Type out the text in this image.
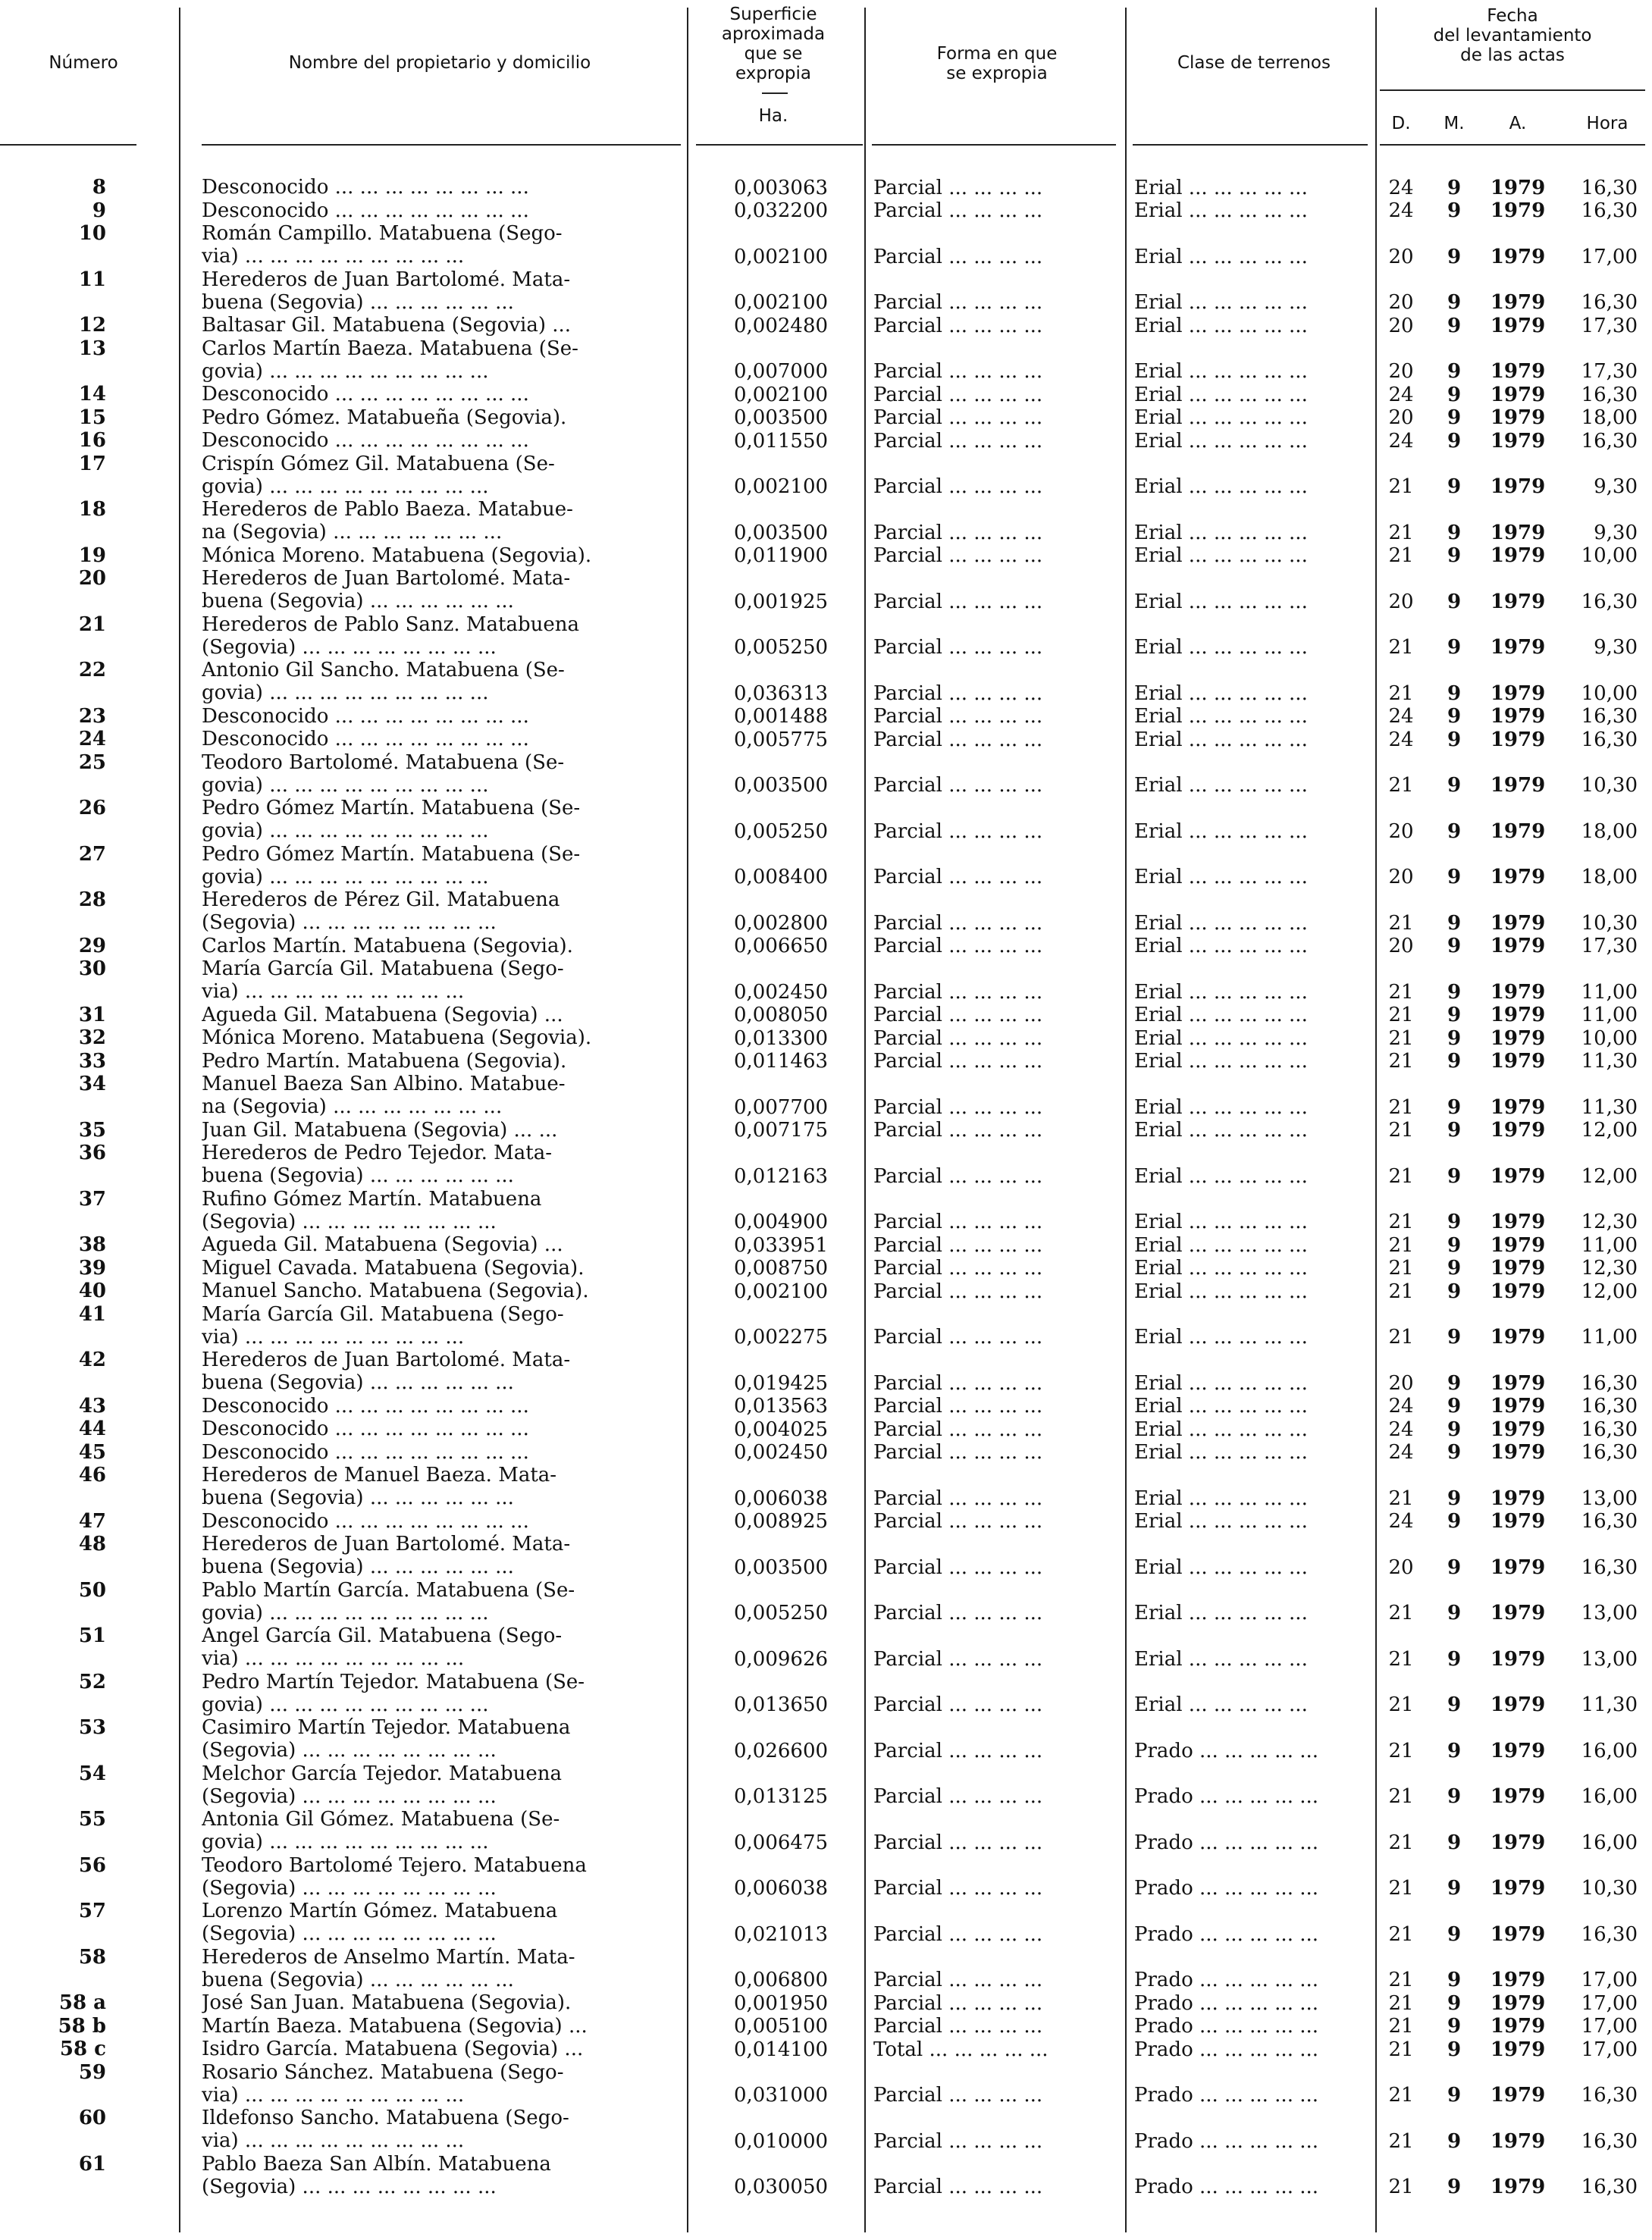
Número	Nombre del propietario y domicilio
Superficie
aproximada
que se
expropia
Ha.
Forma en que
se expropia
Clase de terrenos
Fecha
del levantamiento
de las actas
D.	M.	A.	Hora
8	Desconocido ... ... ... ... ... ... ... ...	0,003063	Parcial ... ... ... ...	Erial ... ... ... ... ...	24	9	1979	16,30
9	Desconocido ... ... ... ... ... ... ... ...	0,032200	Parcial ... ... ... ...	Erial ... ... ... ... ...	24	9	1979	16,30
10	Román Campillo. Matabuena (Sego-
via) ... ... ... ... ... ... ... ... ...	0,002100	Parcial ... ... ... ...	Erial ... ... ... ... ...	20	9	1979	17,00
11	Herederos de Juan Bartolomé. Mata-
buena (Segovia) ... ... ... ... ... ...	0,002100	Parcial ... ... ... ...	Erial ... ... ... ... ...	20	9	1979	16,30
12	Baltasar Gil. Matabuena (Segovia) ...	0,002480	Parcial ... ... ... ...	Erial ... ... ... ... ...	20	9	1979	17,30
13	Carlos Martín Baeza. Matabuena (Se-
govia) ... ... ... ... ... ... ... ... ...	0,007000	Parcial ... ... ... ...	Erial ... ... ... ... ...	20	9	1979	17,30
14	Desconocido ... ... ... ... ... ... ... ...	0,002100	Parcial ... ... ... ...	Erial ... ... ... ... ...	24	9	1979	16,30
15	Pedro Gómez. Matabueña (Segovia).	0,003500	Parcial ... ... ... ...	Erial ... ... ... ... ...	20	9	1979	18,00
16	Desconocido ... ... ... ... ... ... ... ...	0,011550	Parcial ... ... ... ...	Erial ... ... ... ... ...	24	9	1979	16,30
17	Crispín Gómez Gil. Matabuena (Se-
govia) ... ... ... ... ... ... ... ... ...	0,002100	Parcial ... ... ... ...	Erial ... ... ... ... ...	21	9	1979	9,30
18	Herederos de Pablo Baeza. Matabue-
na (Segovia) ... ... ... ... ... ... ...	0,003500	Parcial ... ... ... ...	Erial ... ... ... ... ...	21	9	1979	9,30
19	Mónica Moreno. Matabuena (Segovia).	0,011900	Parcial ... ... ... ...	Erial ... ... ... ... ...	21	9	1979	10,00
20	Herederos de Juan Bartolomé. Mata-
buena (Segovia) ... ... ... ... ... ...	0,001925	Parcial ... ... ... ...	Erial ... ... ... ... ...	20	9	1979	16,30
21	Herederos de Pablo Sanz. Matabuena
(Segovia) ... ... ... ... ... ... ... ...	0,005250	Parcial ... ... ... ...	Erial ... ... ... ... ...	21	9	1979	9,30
22	Antonio Gil Sancho. Matabuena (Se-
govia) ... ... ... ... ... ... ... ... ...	0,036313	Parcial ... ... ... ...	Erial ... ... ... ... ...	21	9	1979	10,00
23	Desconocido ... ... ... ... ... ... ... ...	0,001488	Parcial ... ... ... ...	Erial ... ... ... ... ...	24	9	1979	16,30
24	Desconocido ... ... ... ... ... ... ... ...	0,005775	Parcial ... ... ... ...	Erial ... ... ... ... ...	24	9	1979	16,30
25	Teodoro Bartolomé. Matabuena (Se-
govia) ... ... ... ... ... ... ... ... ...	0,003500	Parcial ... ... ... ...	Erial ... ... ... ... ...	21	9	1979	10,30
26	Pedro Gómez Martín. Matabuena (Se-
govia) ... ... ... ... ... ... ... ... ...	0,005250	Parcial ... ... ... ...	Erial ... ... ... ... ...	20	9	1979	18,00
27	Pedro Gómez Martín. Matabuena (Se-
govia) ... ... ... ... ... ... ... ... ...	0,008400	Parcial ... ... ... ...	Erial ... ... ... ... ...	20	9	1979	18,00
28	Herederos de Pérez Gil. Matabuena
(Segovia) ... ... ... ... ... ... ... ...	0,002800	Parcial ... ... ... ...	Erial ... ... ... ... ...	21	9	1979	10,30
29	Carlos Martín. Matabuena (Segovia).	0,006650	Parcial ... ... ... ...	Erial ... ... ... ... ...	20	9	1979	17,30
30	María García Gil. Matabuena (Sego-
via) ... ... ... ... ... ... ... ... ...	0,002450	Parcial ... ... ... ...	Erial ... ... ... ... ...	21	9	1979	11,00
31	Agueda Gil. Matabuena (Segovia) ...	0,008050	Parcial ... ... ... ...	Erial ... ... ... ... ...	21	9	1979	11,00
32	Mónica Moreno. Matabuena (Segovia).	0,013300	Parcial ... ... ... ...	Erial ... ... ... ... ...	21	9	1979	10,00
33	Pedro Martín. Matabuena (Segovia).	0,011463	Parcial ... ... ... ...	Erial ... ... ... ... ...	21	9	1979	11,30
34	Manuel Baeza San Albino. Matabue-
na (Segovia) ... ... ... ... ... ... ...	0,007700	Parcial ... ... ... ...	Erial ... ... ... ... ...	21	9	1979	11,30
35	Juan Gil. Matabuena (Segovia) ... ...	0,007175	Parcial ... ... ... ...	Erial ... ... ... ... ...	21	9	1979	12,00
36	Herederos de Pedro Tejedor. Mata-
buena (Segovia) ... ... ... ... ... ...	0,012163	Parcial ... ... ... ...	Erial ... ... ... ... ...	21	9	1979	12,00
37	Rufino Gómez Martín. Matabuena
(Segovia) ... ... ... ... ... ... ... ...	0,004900	Parcial ... ... ... ...	Erial ... ... ... ... ...	21	9	1979	12,30
38	Agueda Gil. Matabuena (Segovia) ...	0,033951	Parcial ... ... ... ...	Erial ... ... ... ... ...	21	9	1979	11,00
39	Miguel Cavada. Matabuena (Segovia).	0,008750	Parcial ... ... ... ...	Erial ... ... ... ... ...	21	9	1979	12,30
40	Manuel Sancho. Matabuena (Segovia).	0,002100	Parcial ... ... ... ...	Erial ... ... ... ... ...	21	9	1979	12,00
41	María García Gil. Matabuena (Sego-
via) ... ... ... ... ... ... ... ... ...	0,002275	Parcial ... ... ... ...	Erial ... ... ... ... ...	21	9	1979	11,00
42	Herederos de Juan Bartolomé. Mata-
buena (Segovia) ... ... ... ... ... ...	0,019425	Parcial ... ... ... ...	Erial ... ... ... ... ...	20	9	1979	16,30
43	Desconocido ... ... ... ... ... ... ... ...	0,013563	Parcial ... ... ... ...	Erial ... ... ... ... ...	24	9	1979	16,30
44	Desconocido ... ... ... ... ... ... ... ...	0,004025	Parcial ... ... ... ...	Erial ... ... ... ... ...	24	9	1979	16,30
45	Desconocido ... ... ... ... ... ... ... ...	0,002450	Parcial ... ... ... ...	Erial ... ... ... ... ...	24	9	1979	16,30
46	Herederos de Manuel Baeza. Mata-
buena (Segovia) ... ... ... ... ... ...	0,006038	Parcial ... ... ... ...	Erial ... ... ... ... ...	21	9	1979	13,00
47	Desconocido ... ... ... ... ... ... ... ...	0,008925	Parcial ... ... ... ...	Erial ... ... ... ... ...	24	9	1979	16,30
48	Herederos de Juan Bartolomé. Mata-
buena (Segovia) ... ... ... ... ... ...	0,003500	Parcial ... ... ... ...	Erial ... ... ... ... ...	20	9	1979	16,30
50	Pablo Martín García. Matabuena (Se-
govia) ... ... ... ... ... ... ... ... ...	0,005250	Parcial ... ... ... ...	Erial ... ... ... ... ...	21	9	1979	13,00
51	Angel García Gil. Matabuena (Sego-
via) ... ... ... ... ... ... ... ... ...	0,009626	Parcial ... ... ... ...	Erial ... ... ... ... ...	21	9	1979	13,00
52	Pedro Martín Tejedor. Matabuena (Se-
govia) ... ... ... ... ... ... ... ... ...	0,013650	Parcial ... ... ... ...	Erial ... ... ... ... ...	21	9	1979	11,30
53	Casimiro Martín Tejedor. Matabuena
(Segovia) ... ... ... ... ... ... ... ...	0,026600	Parcial ... ... ... ...	Prado ... ... ... ... ...	21	9	1979	16,00
54	Melchor García Tejedor. Matabuena
(Segovia) ... ... ... ... ... ... ... ...	0,013125	Parcial ... ... ... ...	Prado ... ... ... ... ...	21	9	1979	16,00
55	Antonia Gil Gómez. Matabuena (Se-
govia) ... ... ... ... ... ... ... ... ...	0,006475	Parcial ... ... ... ...	Prado ... ... ... ... ...	21	9	1979	16,00
56	Teodoro Bartolomé Tejero. Matabuena
(Segovia) ... ... ... ... ... ... ... ...	0,006038	Parcial ... ... ... ...	Prado ... ... ... ... ...	21	9	1979	10,30
57	Lorenzo Martín Gómez. Matabuena
(Segovia) ... ... ... ... ... ... ... ...	0,021013	Parcial ... ... ... ...	Prado ... ... ... ... ...	21	9	1979	16,30
58	Herederos de Anselmo Martín. Mata-
buena (Segovia) ... ... ... ... ... ...	0,006800	Parcial ... ... ... ...	Prado ... ... ... ... ...	21	9	1979	17,00
58 a	José San Juan. Matabuena (Segovia).	0,001950	Parcial ... ... ... ...	Prado ... ... ... ... ...	21	9	1979	17,00
58 b	Martín Baeza. Matabuena (Segovia) ...	0,005100	Parcial ... ... ... ...	Prado ... ... ... ... ...	21	9	1979	17,00
58 c	Isidro García. Matabuena (Segovia) ...	0,014100	Total ... ... ... ... ...	Prado ... ... ... ... ...	21	9	1979	17,00
59	Rosario Sánchez. Matabuena (Sego-
via) ... ... ... ... ... ... ... ... ...	0,031000	Parcial ... ... ... ...	Prado ... ... ... ... ...	21	9	1979	16,30
60	Ildefonso Sancho. Matabuena (Sego-
via) ... ... ... ... ... ... ... ... ...	0,010000	Parcial ... ... ... ...	Prado ... ... ... ... ...	21	9	1979	16,30
61	Pablo Baeza San Albín. Matabuena
(Segovia) ... ... ... ... ... ... ... ...	0,030050	Parcial ... ... ... ...	Prado ... ... ... ... ...	21	9	1979	16,30
